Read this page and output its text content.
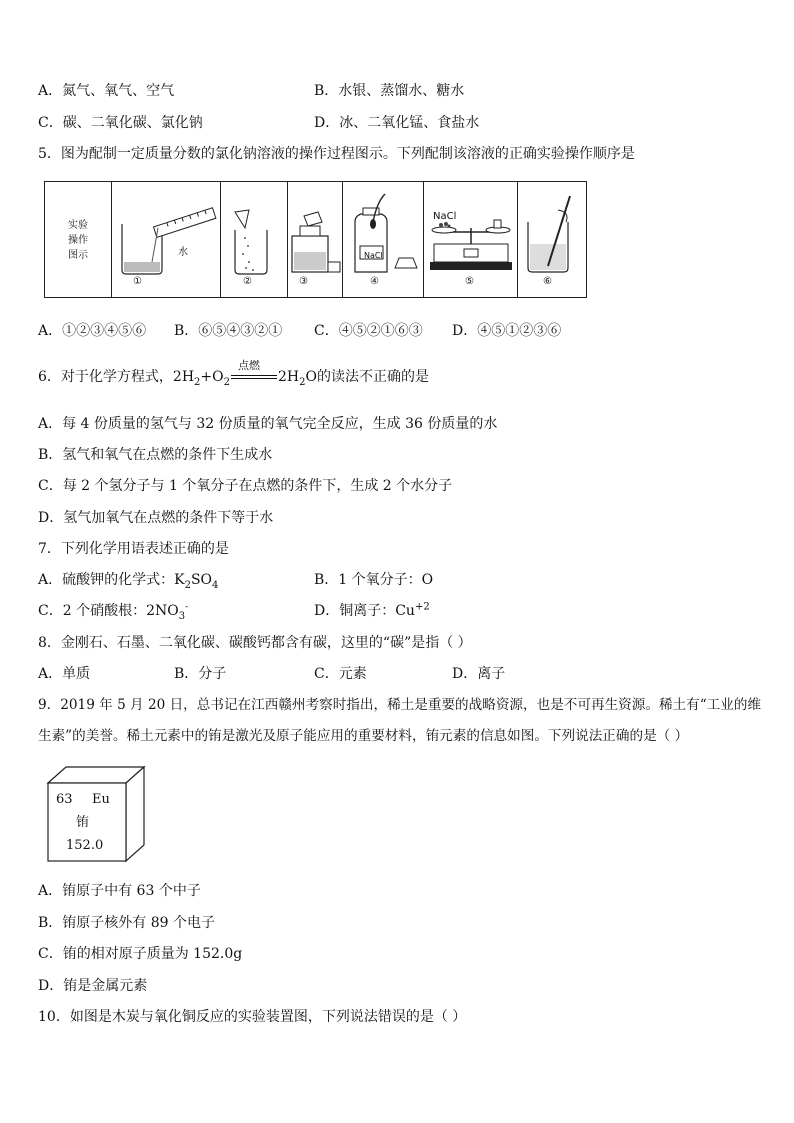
A．氮气、氧气、空气	B．水银、蒸馏水、糖水
C．碳、二氧化碳、氯化钠	D．冰、二氧化锰、食盐水
5．图为配制一定质量分数的氯化钠溶液的操作过程图示。下列配制该溶液的正确实验操作顺序是
实验
操作
图示	水
①	②	③
NaCl
④
NaCl
⑤	⑥
A．①②③④⑤⑥ B．⑥⑤④③②① C．④⑤②①⑥③ D．④⑤①②③⑥
6．对于化学方程式，$2H_2+O_2$
点燃
$2H_2O$的读法不正确的是
A．每 4 份质量的氢气与 32 份质量的氧气完全反应，生成 36 份质量的水
B．氢气和氧气在点燃的条件下生成水
C．每 2 个氢分子与 1 个氧分子在点燃的条件下，生成 2 个水分子
D．氢气加氧气在点燃的条件下等于水
7．下列化学用语表述正确的是
A．硫酸钾的化学式：$K_2SO_4$	B．1 个氧分子：O
C．2 个硝酸根：$2NO_3^-$	D．铜离子：$Cu^{+2}$
8．金刚石、石墨、二氧化碳、碳酸钙都含有碳，这里的“碳”是指（ ）
A．单质	B．分子	C．元素	D．离子
9．2019 年 5 月 20 日，总书记在江西赣州考察时指出，稀土是重要的战略资源，也是不可再生资源。稀土有“工业的维
生素”的美誉。稀土元素中的铕是激光及原子能应用的重要材料，铕元素的信息如图。下列说法正确的是（ ）
63 Eu
铕
152.0
A．铕原子中有 63 个中子
B．铕原子核外有 89 个电子
C．铕的相对原子质量为 152.0g
D．铕是金属元素
10．如图是木炭与氧化铜反应的实验装置图，下列说法错误的是（ ）
